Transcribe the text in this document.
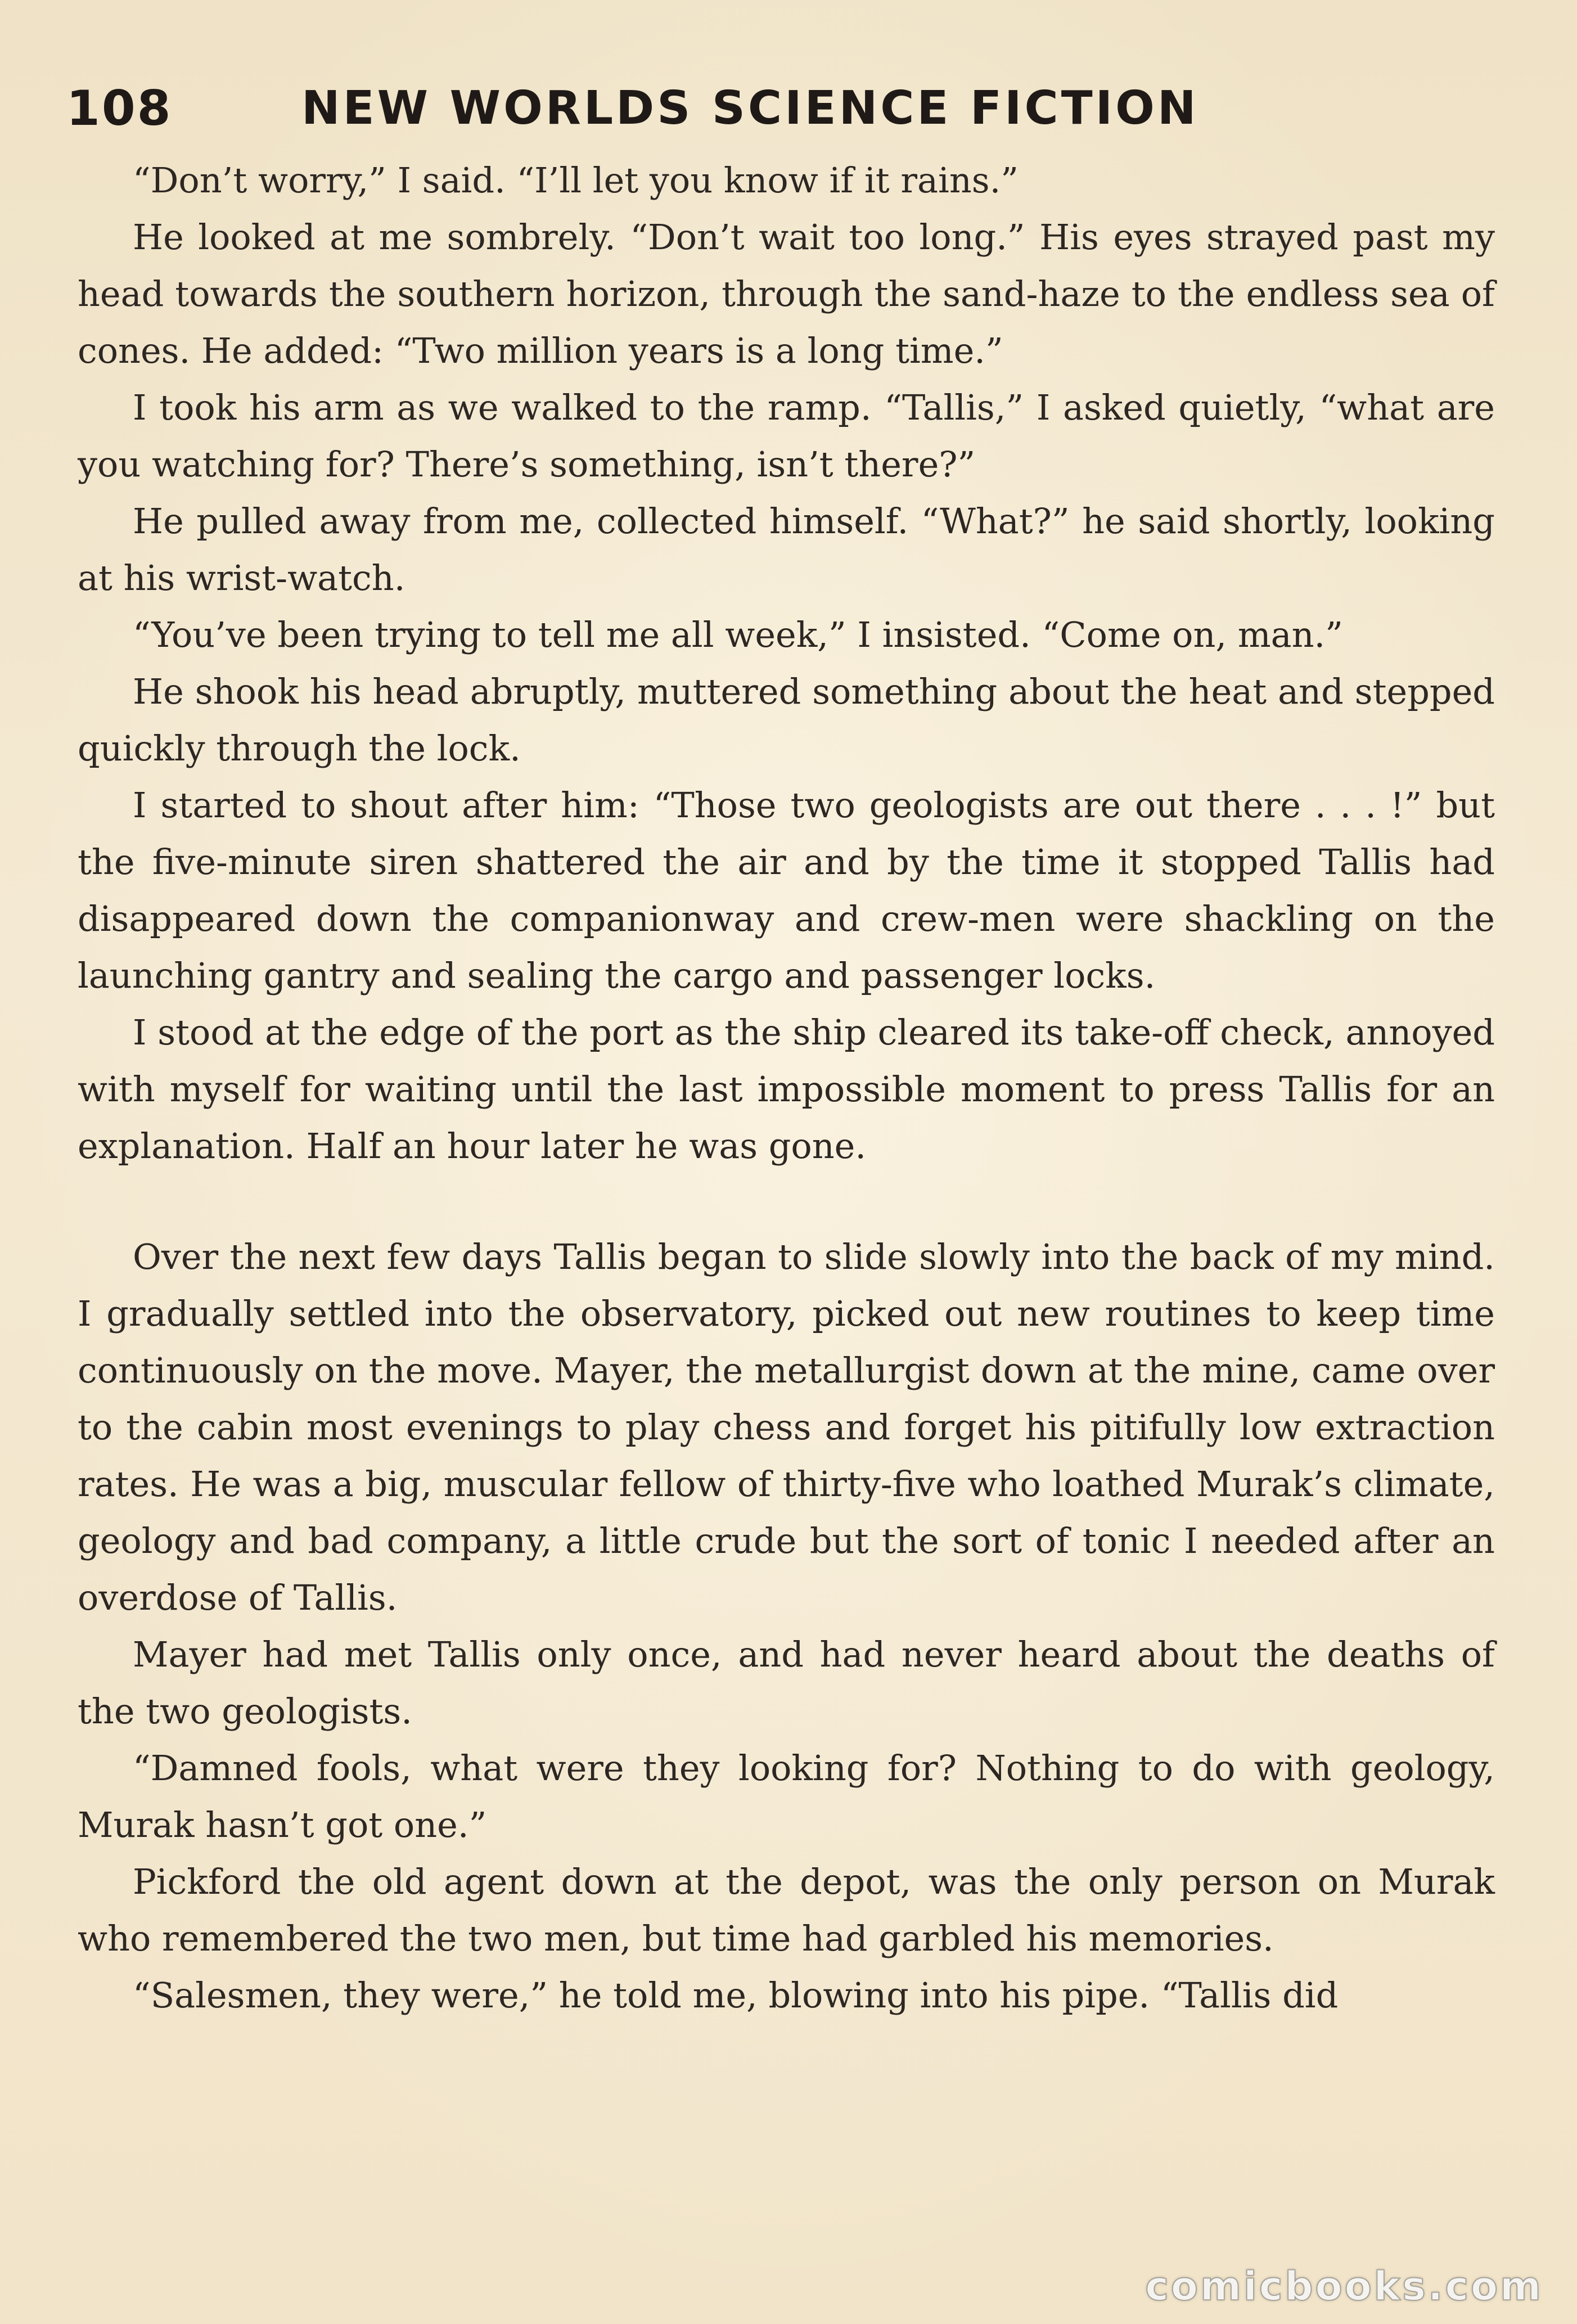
108	NEW WORLDS SCIENCE FICTION

“Don’t worry,” I said. “I’ll let you know if it rains.”

He looked at me sombrely. “Don’t wait too long.” His eyes strayed past my head towards the southern horizon, through the sand-haze to the endless sea of cones. He added: “Two million years is a long time.”

I took his arm as we walked to the ramp. “Tallis,” I asked quietly, “what are you watching for? There’s something, isn’t there?”

He pulled away from me, collected himself. “What?” he said shortly, looking at his wrist-watch.

“You’ve been trying to tell me all week,” I insisted. “Come on, man.”

He shook his head abruptly, muttered something about the heat and stepped quickly through the lock.

I started to shout after him: “Those two geologists are out there . . . !” but the five-minute siren shattered the air and by the time it stopped Tallis had disappeared down the companionway and crew-men were shackling on the launching gantry and sealing the cargo and passenger locks.

I stood at the edge of the port as the ship cleared its take-off check, annoyed with myself for waiting until the last impossible moment to press Tallis for an explanation. Half an hour later he was gone.

Over the next few days Tallis began to slide slowly into the back of my mind. I gradually settled into the observatory, picked out new routines to keep time continuously on the move. Mayer, the metallurgist down at the mine, came over to the cabin most evenings to play chess and forget his pitifully low extraction rates. He was a big, muscular fellow of thirty-five who loathed Murak’s climate, geology and bad company, a little crude but the sort of tonic I needed after an overdose of Tallis.

Mayer had met Tallis only once, and had never heard about the deaths of the two geologists.

“Damned fools, what were they looking for? Nothing to do with geology, Murak hasn’t got one.”

Pickford the old agent down at the depot, was the only person on Murak who remembered the two men, but time had garbled his memories.

“Salesmen, they were,” he told me, blowing into his pipe. “Tallis did

comicbooks.com
